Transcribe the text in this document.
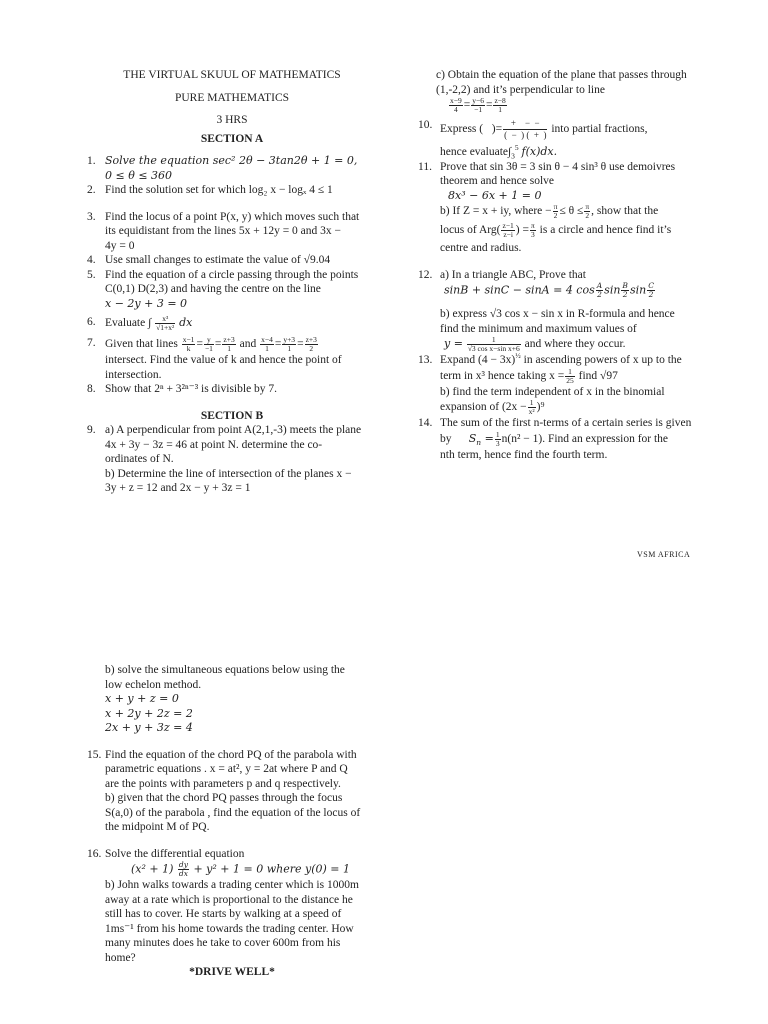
THE VIRTUAL SKUUL OF MATHEMATICS
PURE MATHEMATICS
3 HRS
SECTION A
1. Solve the equation sec² 2θ − 3tan2θ + 1 = 0,
0 ≤ θ ≤ 360
2. Find the solution set for which log₂ x − logₓ 4 ≤ 1
3. Find the locus of a point P(x, y) which moves such that
its equidistant from the lines 5x + 12y = 0 and 3x −
4y = 0
4. Use small changes to estimate the value of √9.04
5. Find the equation of a circle passing through the points
C(0,1) D(2,3) and having the centre on the line
x − 2y + 3 = 0
6. Evaluate ∫ $\frac{\text{x³}}{\text{√1+x²}}$ dx
7. Given that lines $\frac{x-1}{k} = \frac{y}{-1} = \frac{z+3}{1}$ and $\frac{x-4}{1} = \frac{y+3}{1} = \frac{z+3}{2}$
intersect. Find the value of k and hence the point of
intersection.
8. Show that 2ⁿ + 3²ⁿ⁻³ is divisible by 7.
SECTION B
9. a) A perpendicular from point A(2,1,-3) meets the plane
4x + 3y − 3z = 46 at point N. determine the co-
ordinates of N.
b) Determine the line of intersection of the planes x −
3y + z = 12 and 2x − y + 3z = 1
c) Obtain the equation of the plane that passes through
(1,-2,2) and it’s perpendicular to line
$\frac{x-9}{4} = \frac{y-6}{-1} = \frac{z-8}{1}$
10. Express (   )= $\frac{+ - -}{( - ) ( + )}$ into partial fractions,
hence $evaluate\int_3^5$ f(x)dx.
11. Prove that sin 3θ = 3 sin θ − 4 sin³ θ use demoivres
theorem and hence solve
8x³ − 6x + 1 = 0
b) If Z = x + iy, where − $\frac{\pi}{2} \le \theta \le \frac{\pi}{2}$ , show that the
locus of $Arg( \frac{z-1}{z-i}$ ) = $\frac{\pi}{3}$ is a circle and hence find it’s
centre and radius.
12. a) In a triangle ABC, Prove that
sinB + sinC − sinA = 4 $\cos \frac{A}{2}$ $\sin \frac{B}{2}$ $\sin \frac{C}{2}$
b) express √3 cos x − sin x in R-formula and hence
find the minimum and maximum values of
$y = \frac{1}{\text{√3 cos x−sin x+6}}$ and where they occur.
13. Expand $(4 - 3x)^{\frac{1}{2}}$ in ascending powers of x up to the
term in x³ hence taking $x = \frac{1}{25}$ find √97
b) find the term independent of x in the binomial
expansion of $(2x - \frac{1}{\text{x²}} )^9$
14. The sum of the first n-terms of a certain series is given
by $S_n = \frac{1}{3} n(n^2 - 1)$. Find an expression for the
nth term, hence find the fourth term.
VSM AFRICA
b) solve the simultaneous equations below using the
low echelon method.
x + y + z = 0
x + 2y + 2z = 2
2x + y + 3z = 4
15. Find the equation of the chord PQ of the parabola with
parametric equations . x = at², y = 2at where P and Q
are the points with parameters p and q respectively.
b) given that the chord PQ passes through the focus
S(a,0) of the parabola , find the equation of the locus of
the midpoint M of PQ.
16. Solve the differential equation
$(x^2 + 1) \frac{dy}{dx} + y^2 + 1 = 0$ where y(0) = 1
b) John walks towards a trading center which is 1000m
away at a rate which is proportional to the distance he
still has to cover. He starts by walking at a speed of
1ms⁻¹ from his home towards the trading center. How
many minutes does he take to cover 600m from his
home?
*DRIVE WELL*
